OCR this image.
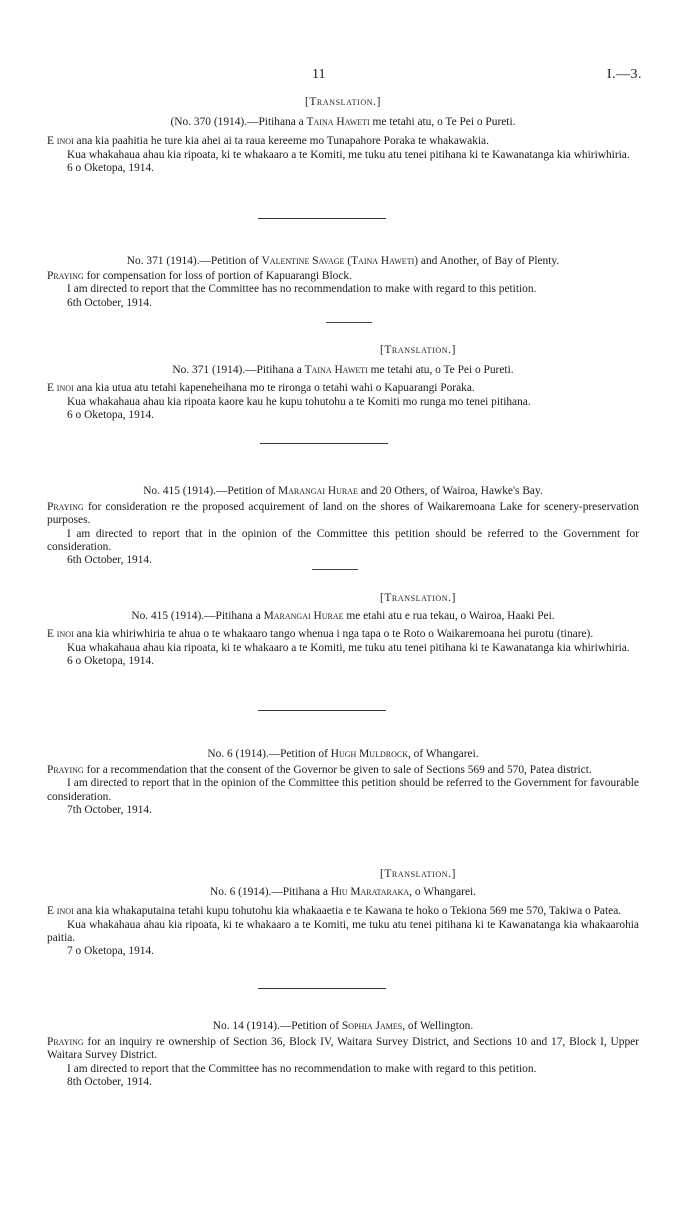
11	I.—3.
[Translation.]
(No. 370 (1914).—Pitihana a Taina Haweti me tetahi atu, o Te Pei o Pureti.

E inoi ana kia paahitia he ture kia ahei ai ta raua kereeme mo Tunapahore Poraka te whakawakia.

Kua whakahaua ahau kia ripoata, ki te whakaaro a te Komiti, me tuku atu tenei pitihana ki te Kawanatanga kia whiriwhiria.

6 o Oketopa, 1914.

No. 371 (1914).—Petition of Valentine Savage (Taina Haweti) and Another, of Bay of Plenty.

Praying for compensation for loss of portion of Kapuarangi Block.

I am directed to report that the Committee has no recommendation to make with regard to this petition.

6th October, 1914.

[Translation.]
No. 371 (1914).—Pitihana a Taina Haweti me tetahi atu, o Te Pei o Pureti.

E inoi ana kia utua atu tetahi kapeneheihana mo te rironga o tetahi wahi o Kapuarangi Poraka.

Kua whakahaua ahau kia ripoata kaore kau he kupu tohutohu a te Komiti mo runga mo tenei pitihana.

6 o Oketopa, 1914.

No. 415 (1914).—Petition of Marangai Hurae and 20 Others, of Wairoa, Hawke's Bay.

Praying for consideration re the proposed acquirement of land on the shores of Waikaremoana Lake for scenery-preservation purposes.

I am directed to report that in the opinion of the Committee this petition should be referred to the Government for consideration.

6th October, 1914.

[Translation.]
No. 415 (1914).—Pitihana a Marangai Hurae me etahi atu e rua tekau, o Wairoa, Haaki Pei.

E inoi ana kia whiriwhiria te ahua o te whakaaro tango whenua i nga tapa o te Roto o Waikaremoana hei purotu (tinare).

Kua whakahaua ahau kia ripoata, ki te whakaaro a te Komiti, me tuku atu tenei pitihana ki te Kawanatanga kia whiriwhiria.

6 o Oketopa, 1914.

No. 6 (1914).—Petition of Hugh Muldrock, of Whangarei.

Praying for a recommendation that the consent of the Governor be given to sale of Sections 569 and 570, Patea district.

I am directed to report that in the opinion of the Committee this petition should be referred to the Government for favourable consideration.

7th October, 1914.

[Translation.]
No. 6 (1914).—Pitihana a Hiu Marataraka, o Whangarei.

E inoi ana kia whakaputaina tetahi kupu tohutohu kia whakaaetia e te Kawana te hoko o Tekiona 569 me 570, Takiwa o Patea.

Kua whakahaua ahau kia ripoata, ki te whakaaro a te Komiti, me tuku atu tenei pitihana ki te Kawanatanga kia whakaarohia paitia.

7 o Oketopa, 1914.

No. 14 (1914).—Petition of Sophia James, of Wellington.

Praying for an inquiry re ownership of Section 36, Block IV, Waitara Survey District, and Sections 10 and 17, Block I, Upper Waitara Survey District.

I am directed to report that the Committee has no recommendation to make with regard to this petition.

8th October, 1914.
